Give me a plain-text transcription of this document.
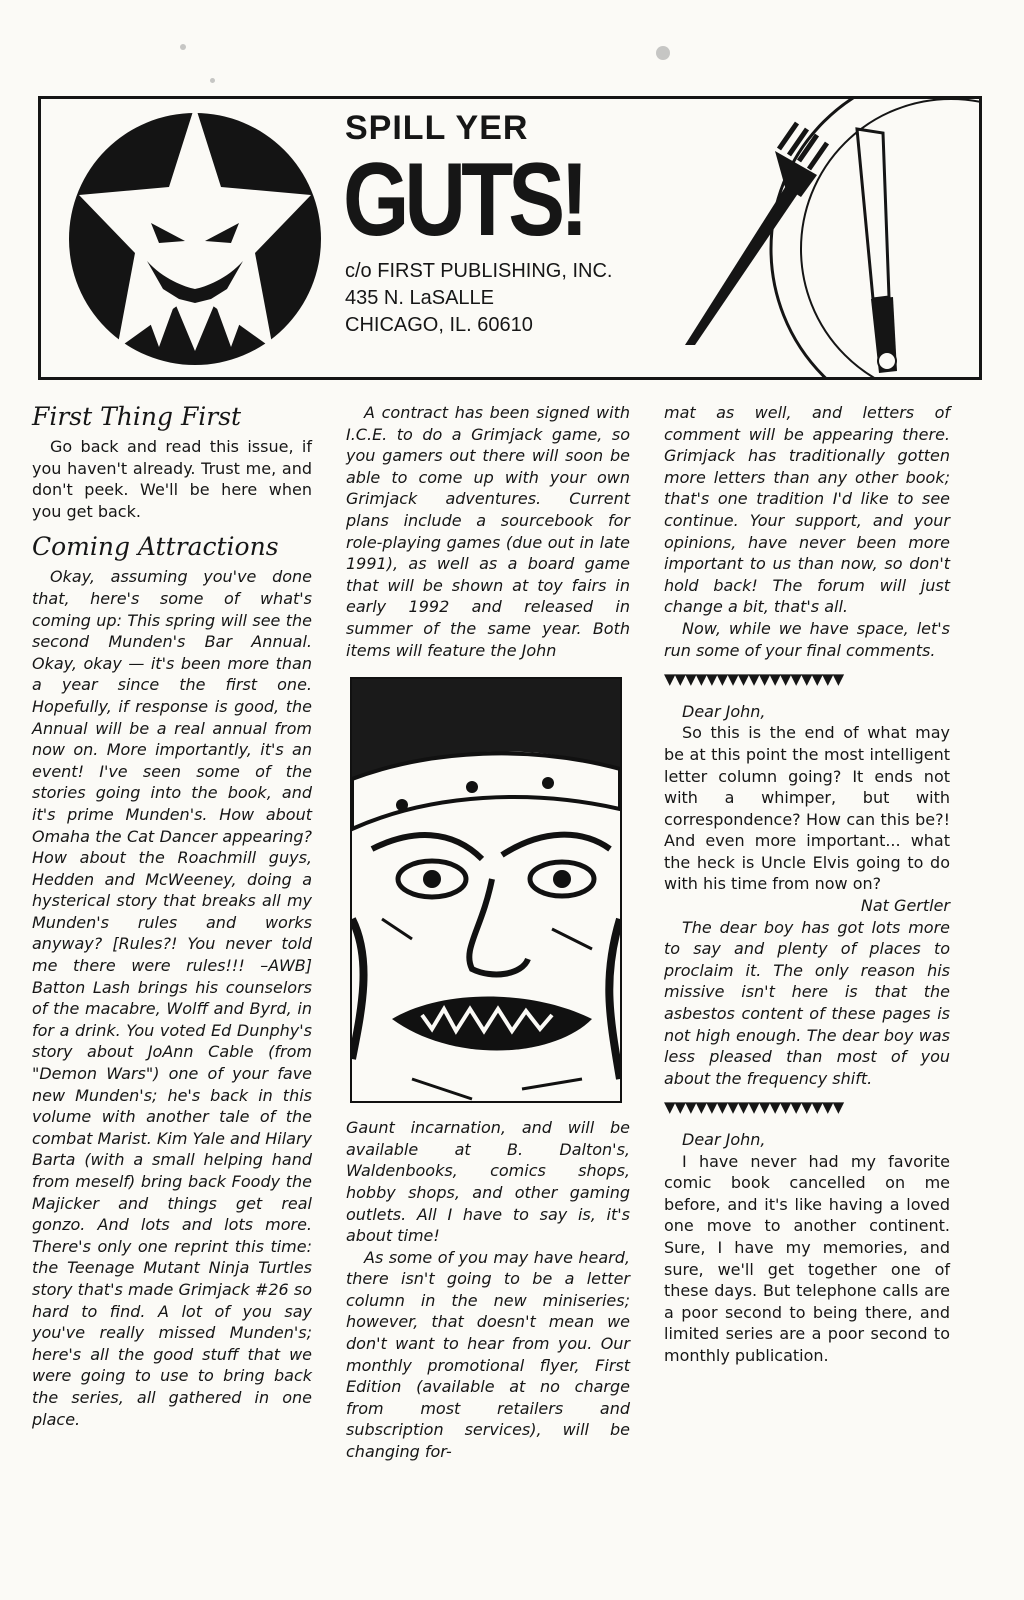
SPILL YER
GUTS!
c/o FIRST PUBLISHING, INC.
435 N. LaSALLE
CHICAGO, IL. 60610
First Thing First

Go back and read this issue, if you haven't already. Trust me, and don't peek. We'll be here when you get back.

Coming Attractions

Okay, assuming you've done that, here's some of what's coming up: This spring will see the second Munden's Bar Annual. Okay, okay — it's been more than a year since the first one. Hopefully, if response is good, the Annual will be a real annual from now on. More importantly, it's an event! I've seen some of the stories going into the book, and it's prime Munden's. How about Omaha the Cat Dancer appearing? How about the Roachmill guys, Hedden and McWeeney, doing a hysterical story that breaks all my Munden's rules and works anyway? [Rules?! You never told me there were rules!!! –AWB] Batton Lash brings his counselors of the macabre, Wolff and Byrd, in for a drink. You voted Ed Dunphy's story about JoAnn Cable (from "Demon Wars") one of your fave new Munden's; he's back in this volume with another tale of the combat Marist. Kim Yale and Hilary Barta (with a small helping hand from meself) bring back Foody the Majicker and things get real gonzo. And lots and lots more. There's only one reprint this time: the Teenage Mutant Ninja Turtles story that's made Grimjack #26 so hard to find. A lot of you say you've really missed Munden's; here's all the good stuff that we were going to use to bring back the series, all gathered in one place.

A contract has been signed with I.C.E. to do a Grimjack game, so you gamers out there will soon be able to come up with your own Grimjack adventures. Current plans include a sourcebook for role-playing games (due out in late 1991), as well as a board game that will be shown at toy fairs in early 1992 and released in summer of the same year. Both items will feature the John

Gaunt incarnation, and will be available at B. Dalton's, Waldenbooks, comics shops, hobby shops, and other gaming outlets. All I have to say is, it's about time!

As some of you may have heard, there isn't going to be a letter column in the new miniseries; however, that doesn't mean we don't want to hear from you. Our monthly promotional flyer, First Edition (available at no charge from most retailers and subscription services), will be changing for-

mat as well, and letters of comment will be appearing there. Grimjack has traditionally gotten more letters than any other book; that's one tradition I'd like to see continue. Your support, and your opinions, have never been more important to us than now, so don't hold back! The forum will just change a bit, that's all.

Now, while we have space, let's run some of your final comments.

▼▼▼▼▼▼▼▼▼▼▼▼▼▼▼▼▼

Dear John,

So this is the end of what may be at this point the most intelligent letter column going? It ends not with a whimper, but with correspondence? How can this be?! And even more important... what the heck is Uncle Elvis going to do with his time from now on?

Nat Gertler

The dear boy has got lots more to say and plenty of places to proclaim it. The only reason his missive isn't here is that the asbestos content of these pages is not high enough. The dear boy was less pleased than most of you about the frequency shift.

▼▼▼▼▼▼▼▼▼▼▼▼▼▼▼▼▼

Dear John,

I have never had my favorite comic book cancelled on me before, and it's like having a loved one move to another continent. Sure, I have my memories, and sure, we'll get together one of these days. But telephone calls are a poor second to being there, and limited series are a poor second to monthly publication.
